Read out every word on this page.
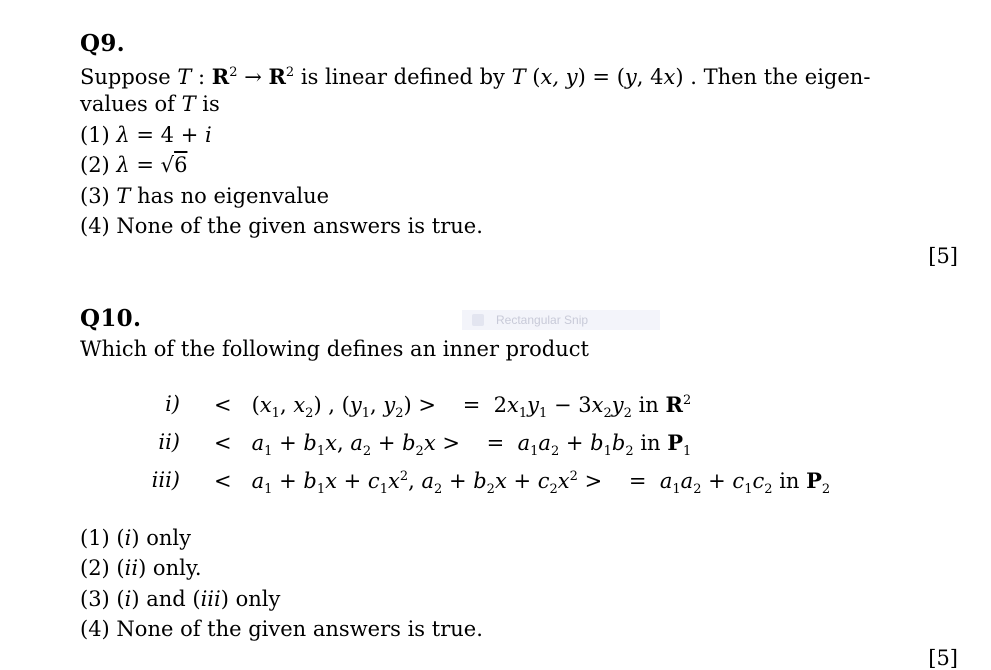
Q9.
Suppose T : $R^2 \to R^2$ is linear defined by T (x, y) = (y, 4x) . Then the eigen-
values of T is
(1) λ = 4 + i
(2) λ = √6
(3) T has no eigenvalue
(4) None of the given answers is true.
[5]
Rectangular Snip
Q10.
Which of the following defines an inner product
$i) < (x_1$, $x_2$) , ($y_1$, $y_2$) >    =  $2x_1y_1 - 3x_2y_2$ in $R^2$
$ii) < a_1 + b_1x$, $a_2 + b_2x$ >    =  $a_1a_2 + b_1b_2$ in $P_1$
$iii) < a_1 + b_1x + c_1x^2$, $a_2 + b_2x + c_2x^2$ >    =  $a_1a_2 + c_1c_2$ in $P_2$
(1) (i) only
(2) (ii) only.
(3) (i) and (iii) only
(4) None of the given answers is true.
[5]
